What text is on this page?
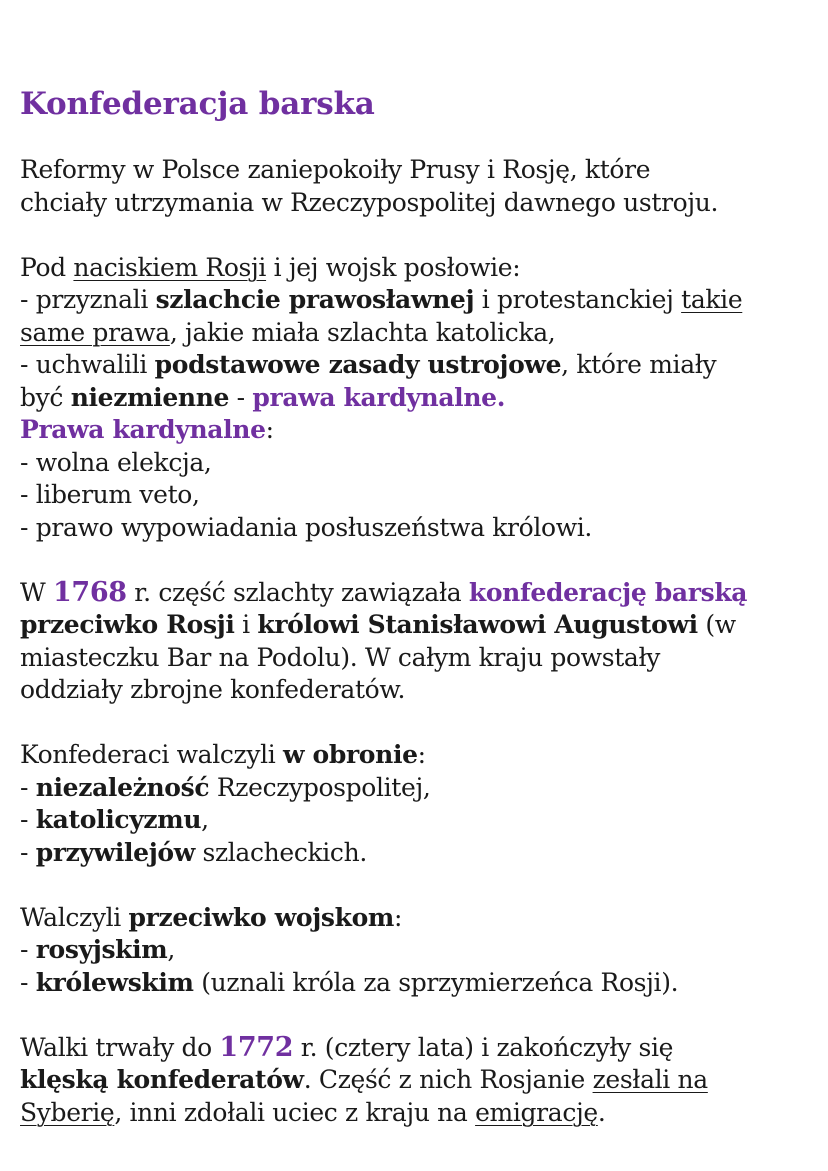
Konfederacja barska

Reformy w Polsce zaniepokoiły Prusy i Rosję, które
chciały utrzymania w Rzeczypospolitej dawnego ustroju.

Pod naciskiem Rosji i jej wojsk posłowie:
- przyznali szlachcie prawosławnej i protestanckiej takie
same prawa, jakie miała szlachta katolicka,
- uchwalili podstawowe zasady ustrojowe, które miały
być niezmienne - prawa kardynalne.
Prawa kardynalne:
- wolna elekcja,
- liberum veto,
- prawo wypowiadania posłuszeństwa królowi.

W 1768 r. część szlachty zawiązała konfederację barską
przeciwko Rosji i królowi Stanisławowi Augustowi (w
miasteczku Bar na Podolu). W całym kraju powstały
oddziały zbrojne konfederatów.

Konfederaci walczyli w obronie:
- niezależność Rzeczypospolitej,
- katolicyzmu,
- przywilejów szlacheckich.

Walczyli przeciwko wojskom:
- rosyjskim,
- królewskim (uznali króla za sprzymierzeńca Rosji).

Walki trwały do 1772 r. (cztery lata) i zakończyły się
klęską konfederatów. Część z nich Rosjanie zesłali na
Syberię, inni zdołali uciec z kraju na emigrację.
